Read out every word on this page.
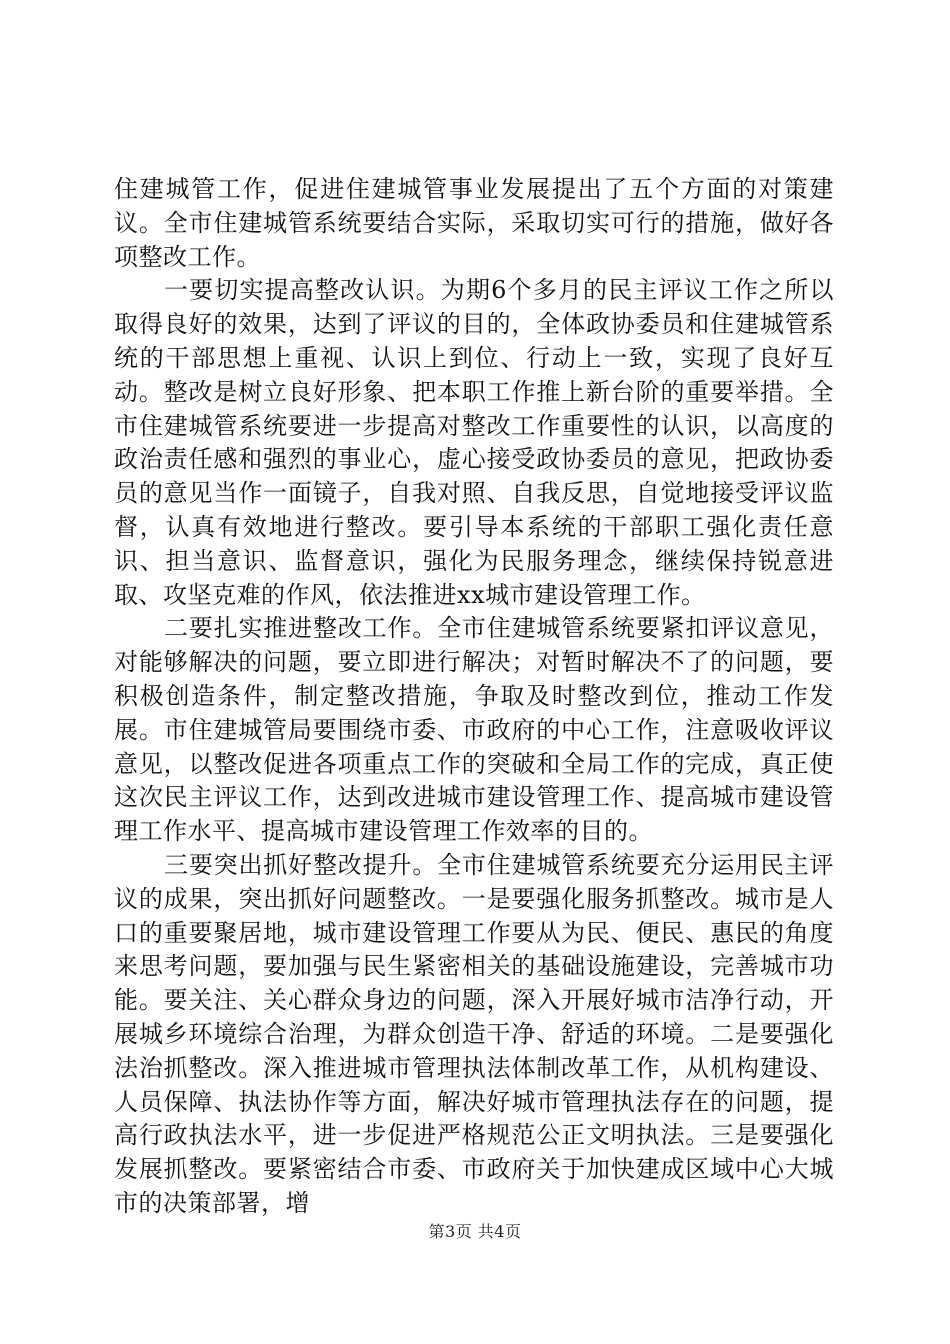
住建城管工作，促进住建城管事业发展提出了五个方面的对策建议。全市住建城管系统要结合实际，采取切实可行的措施，做好各项整改工作。

一要切实提高整改认识。为期6个多月的民主评议工作之所以取得良好的效果，达到了评议的目的，全体政协委员和住建城管系统的干部思想上重视、认识上到位、行动上一致，实现了良好互动。整改是树立良好形象、把本职工作推上新台阶的重要举措。全市住建城管系统要进一步提高对整改工作重要性的认识，以高度的政治责任感和强烈的事业心，虚心接受政协委员的意见，把政协委员的意见当作一面镜子，自我对照、自我反思，自觉地接受评议监督，认真有效地进行整改。要引导本系统的干部职工强化责任意识、担当意识、监督意识，强化为民服务理念，继续保持锐意进取、攻坚克难的作风，依法推进xx城市建设管理工作。

二要扎实推进整改工作。全市住建城管系统要紧扣评议意见，对能够解决的问题，要立即进行解决；对暂时解决不了的问题，要积极创造条件，制定整改措施，争取及时整改到位，推动工作发展。市住建城管局要围绕市委、市政府的中心工作，注意吸收评议意见，以整改促进各项重点工作的突破和全局工作的完成，真正使这次民主评议工作，达到改进城市建设管理工作、提高城市建设管理工作水平、提高城市建设管理工作效率的目的。

三要突出抓好整改提升。全市住建城管系统要充分运用民主评议的成果，突出抓好问题整改。一是要强化服务抓整改。城市是人口的重要聚居地，城市建设管理工作要从为民、便民、惠民的角度来思考问题，要加强与民生紧密相关的基础设施建设，完善城市功能。要关注、关心群众身边的问题，深入开展好城市洁净行动，开展城乡环境综合治理，为群众创造干净、舒适的环境。二是要强化法治抓整改。深入推进城市管理执法体制改革工作，从机构建设、人员保障、执法协作等方面，解决好城市管理执法存在的问题，提高行政执法水平，进一步促进严格规范公正文明执法。三是要强化发展抓整改。要紧密结合市委、市政府关于加快建成区域中心大城市的决策部署，增

第3页 共4页
